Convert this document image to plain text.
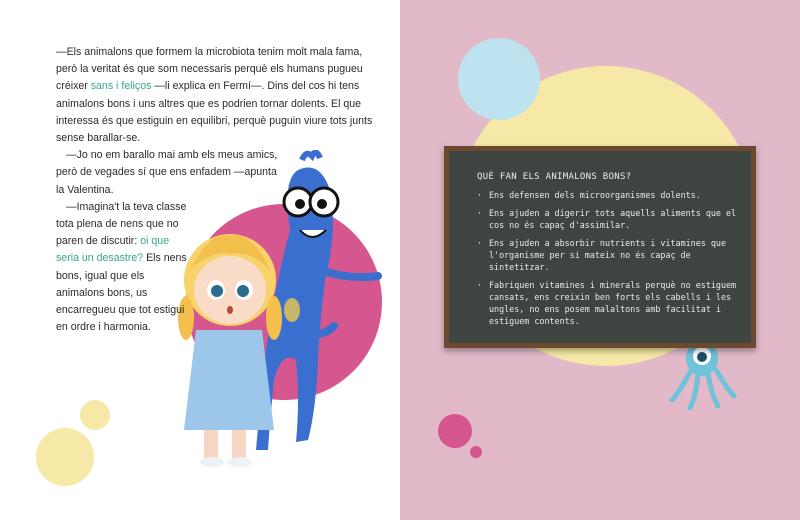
—Els animalons que formem la microbiota tenim molt mala fama, però la veritat és que som necessaris perquè els humans pugueu créixer sans i feliços —li explica en Fermí—. Dins del cos hi tens animalons bons i uns altres que es podrien tornar dolents. El que interessa és que estiguin en equilibri, perquè puguin viure tots junts sense barallar-se.

—Jo no em barallo mai amb els meus amics, però de vegades sí que ens enfadem —apunta la Valentina.

—Imagina't la teva classe tota plena de nens que no paren de discutir: oi que seria un desastre? Els nens bons, igual que els animalons bons, us encarregueu que tot estigui en ordre i harmonia.

QUÈ FAN ELS ANIMALONS BONS?
· Ens defensen dels microorganismes dolents.
· Ens ajuden a digerir tots aquells aliments que el cos no és capaç d'assimilar.
· Ens ajuden a absorbir nutrients i vitamines que l'organisme per si mateix no és capaç de sintetitzar.
· Fabriquen vitamines i minerals perquè no estiguem cansats, ens creixin ben forts els cabells i les ungles, no ens posem malaltons amb facilitat i estiguem contents.
